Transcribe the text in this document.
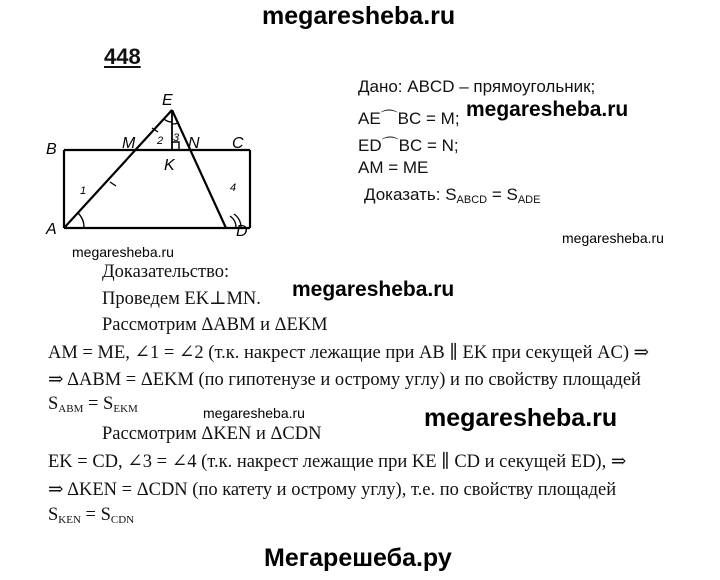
megaresheba.ru
448
E
B	M	N C
K
A	D
1
2 3
4
Дано: ABCD – прямоугольник;
AE⌒BC = M;
ED⌒BC = N;
AM = ME
Доказать: $S_{ABCD} = S_{ADE}$
megaresheba.ru
megaresheba.ru
megaresheba.ru
megaresheba.ru
megaresheba.ru	megaresheba.ru
Доказательство:
Проведем EK⊥MN.
Рассмотрим ΔABM и ΔEKM
AM = ME, ∠1 = ∠2 (т.к. накрест лежащие при AB ∥ EK при секущей AC) ⇒
⇒ ΔABM = ΔEKM (по гипотенузе и острому углу) и по свойству площадей
SABM = SEKM
Рассмотрим ΔKEN и ΔCDN
EK = CD, ∠3 = ∠4 (т.к. накрест лежащие при KE ∥ CD и секущей ED), ⇒
⇒ ΔKEN = ΔCDN (по катету и острому углу), т.е. по свойству площадей
SKEN = SCDN
Мегарешеба.ру
